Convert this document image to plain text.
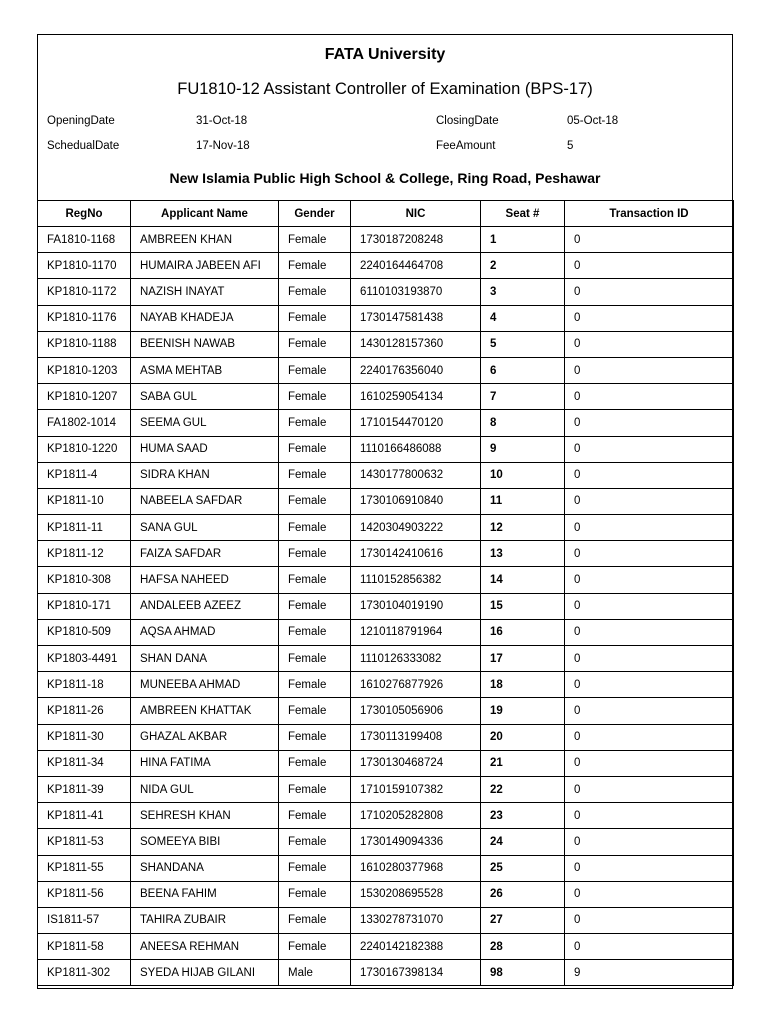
FATA University
FU1810-12 Assistant Controller of Examination (BPS-17)
OpeningDate	31-Oct-18	ClosingDate	05-Oct-18
SchedualDate	17-Nov-18	FeeAmount	5
New Islamia Public High School & College, Ring Road, Peshawar
RegNo	Applicant Name	Gender	NIC	Seat #	Transaction ID
FA1810-1168	AMBREEN KHAN	Female	1730187208248	1	0
KP1810-1170	HUMAIRA JABEEN AFI	Female	2240164464708	2	0
KP1810-1172	NAZISH INAYAT	Female	6110103193870	3	0
KP1810-1176	NAYAB KHADEJA	Female	1730147581438	4	0
KP1810-1188	BEENISH NAWAB	Female	1430128157360	5	0
KP1810-1203	ASMA MEHTAB	Female	2240176356040	6	0
KP1810-1207	SABA GUL	Female	1610259054134	7	0
FA1802-1014	SEEMA GUL	Female	1710154470120	8	0
KP1810-1220	HUMA SAAD	Female	1110166486088	9	0
KP1811-4	SIDRA KHAN	Female	1430177800632	10	0
KP1811-10	NABEELA SAFDAR	Female	1730106910840	11	0
KP1811-11	SANA GUL	Female	1420304903222	12	0
KP1811-12	FAIZA SAFDAR	Female	1730142410616	13	0
KP1810-308	HAFSA NAHEED	Female	1110152856382	14	0
KP1810-171	ANDALEEB AZEEZ	Female	1730104019190	15	0
KP1810-509	AQSA AHMAD	Female	1210118791964	16	0
KP1803-4491	SHAN DANA	Female	1110126333082	17	0
KP1811-18	MUNEEBA AHMAD	Female	1610276877926	18	0
KP1811-26	AMBREEN KHATTAK	Female	1730105056906	19	0
KP1811-30	GHAZAL AKBAR	Female	1730113199408	20	0
KP1811-34	HINA FATIMA	Female	1730130468724	21	0
KP1811-39	NIDA GUL	Female	1710159107382	22	0
KP1811-41	SEHRESH KHAN	Female	1710205282808	23	0
KP1811-53	SOMEEYA BIBI	Female	1730149094336	24	0
KP1811-55	SHANDANA	Female	1610280377968	25	0
KP1811-56	BEENA FAHIM	Female	1530208695528	26	0
IS1811-57	TAHIRA ZUBAIR	Female	1330278731070	27	0
KP1811-58	ANEESA REHMAN	Female	2240142182388	28	0
KP1811-302	SYEDA HIJAB GILANI	Male	1730167398134	98	9
